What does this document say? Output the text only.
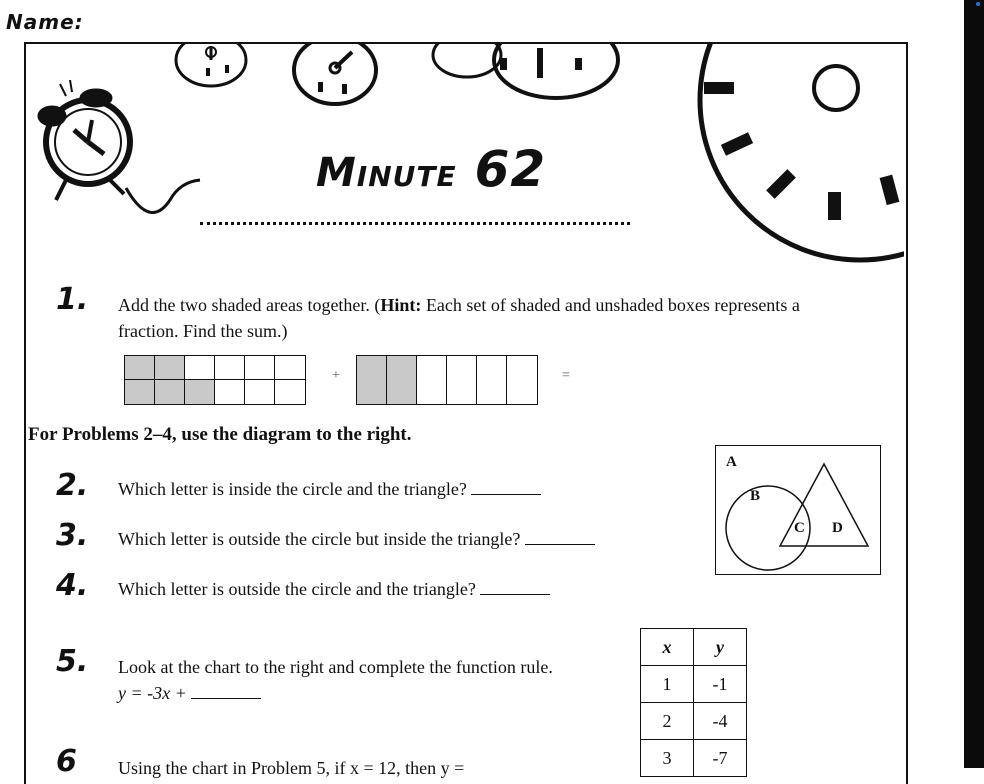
Name:
Minute 62
1. Add the two shaded areas together. (Hint: Each set of shaded and unshaded boxes represents a fraction. Find the sum.)
+	=
For Problems 2–4, use the diagram to the right.
2. Which letter is inside the circle and the triangle?
3. Which letter is outside the circle but inside the triangle?
4. Which letter is outside the circle and the triangle?
A
B
C D
5. Look at the chart to the right and complete the function rule.
y = -3x +
x	y
1	-1
2	-4
3	-7
6 Using the chart in Problem 5, if x = 12, then y =
